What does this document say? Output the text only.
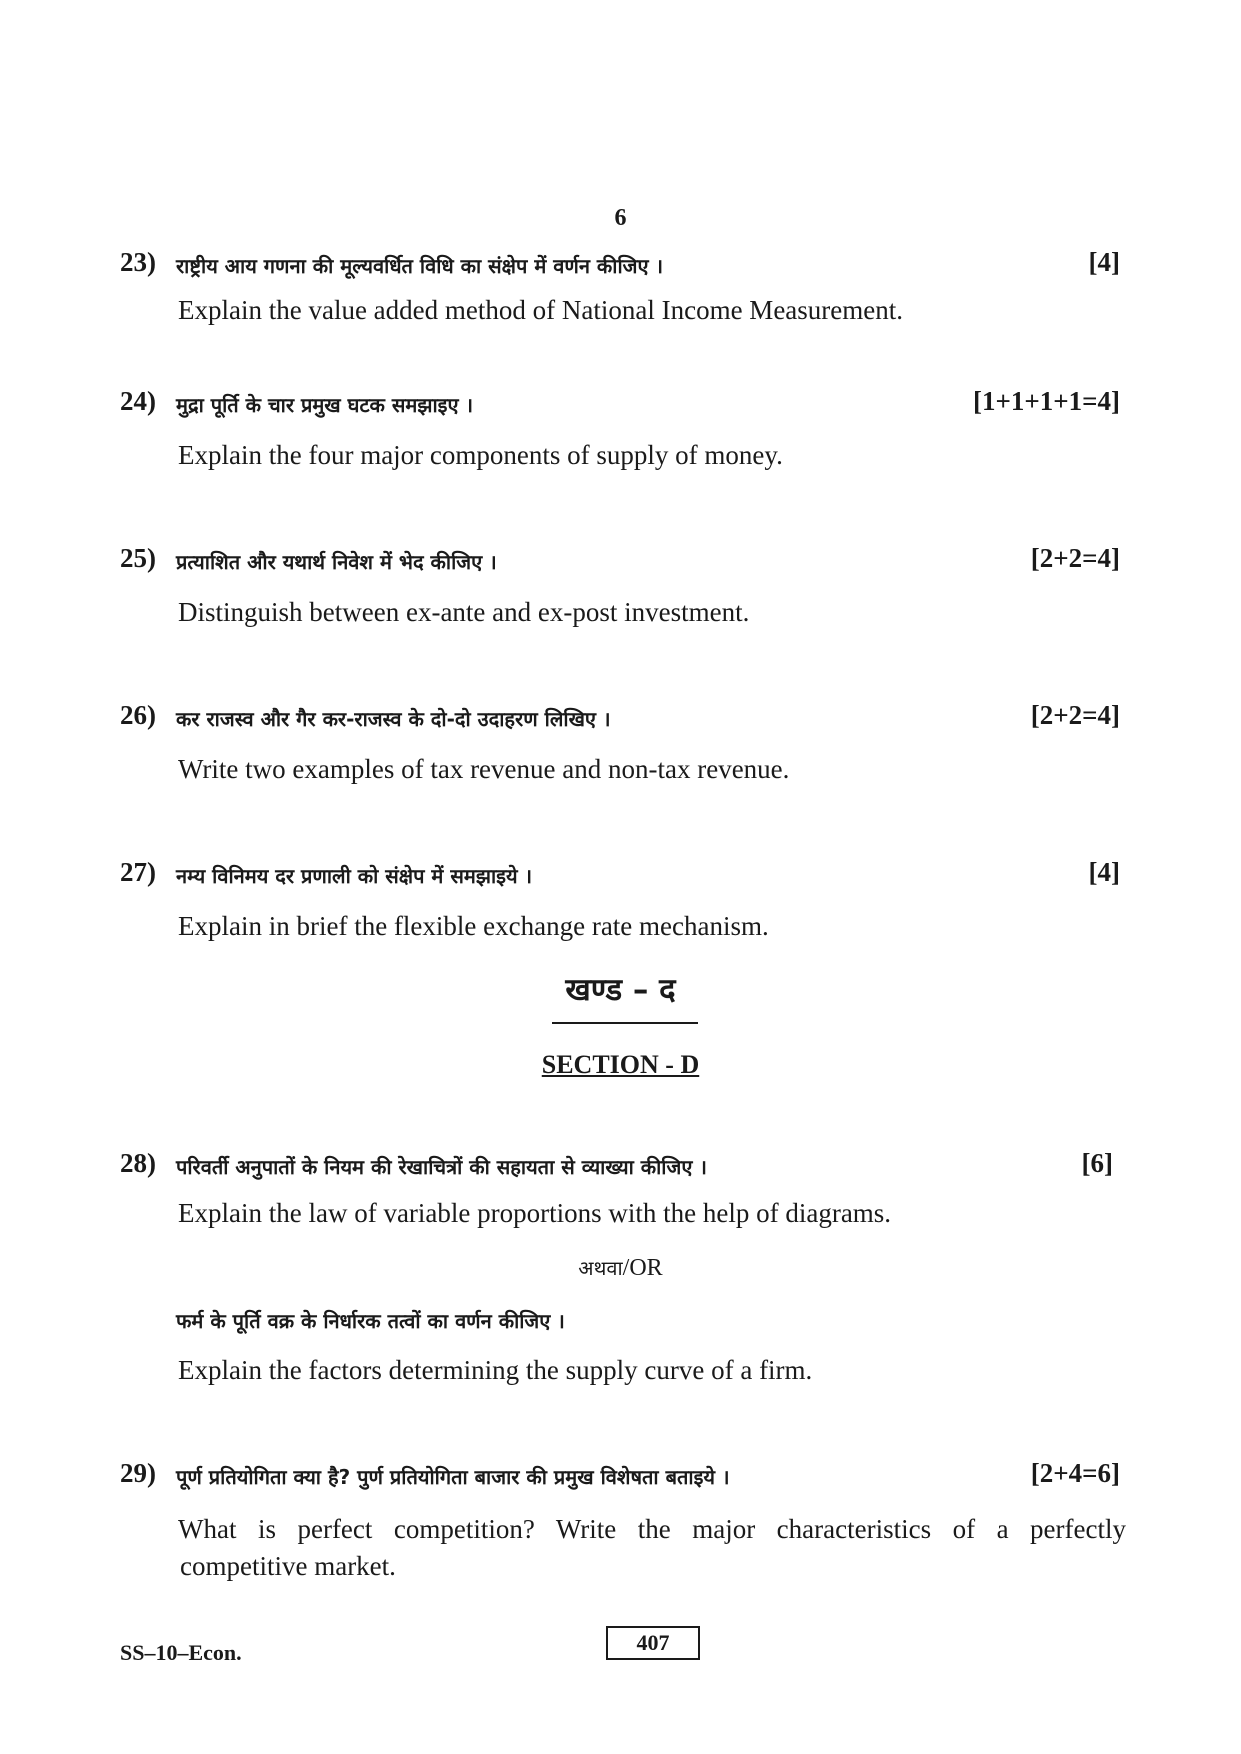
6
23) राष्ट्रीय आय गणना की मूल्यवर्धित विधि का संक्षेप में वर्णन कीजिए ।	[4]
Explain the value added method of National Income Measurement.
24) मुद्रा पूर्ति के चार प्रमुख घटक समझाइए ।	[1+1+1+1=4]
Explain the four major components of supply of money.
25) प्रत्याशित और यथार्थ निवेश में भेद कीजिए ।	[2+2=4]
Distinguish between ex-ante and ex-post investment.
26) कर राजस्व और गैर कर-राजस्व के दो-दो उदाहरण लिखिए ।	[2+2=4]
Write two examples of tax revenue and non-tax revenue.
27) नम्य विनिमय दर प्रणाली को संक्षेप में समझाइये ।	[4]
Explain in brief the flexible exchange rate mechanism.
खण्ड – द
SECTION - D
28) परिवर्ती अनुपातों के नियम की रेखाचित्रों की सहायता से व्याख्या कीजिए ।	[6]
Explain the law of variable proportions with the help of diagrams.
अथवा/OR
फर्म के पूर्ति वक्र के निर्धारक तत्वों का वर्णन कीजिए ।
Explain the factors determining the supply curve of a firm.
29) पूर्ण प्रतियोगिता क्या है? पुर्ण प्रतियोगिता बाजार की प्रमुख विशेषता बताइये ।	[2+4=6]
What is perfect competition? Write the major characteristics of a perfectly
competitive market.
SS–10–Econ.	407
